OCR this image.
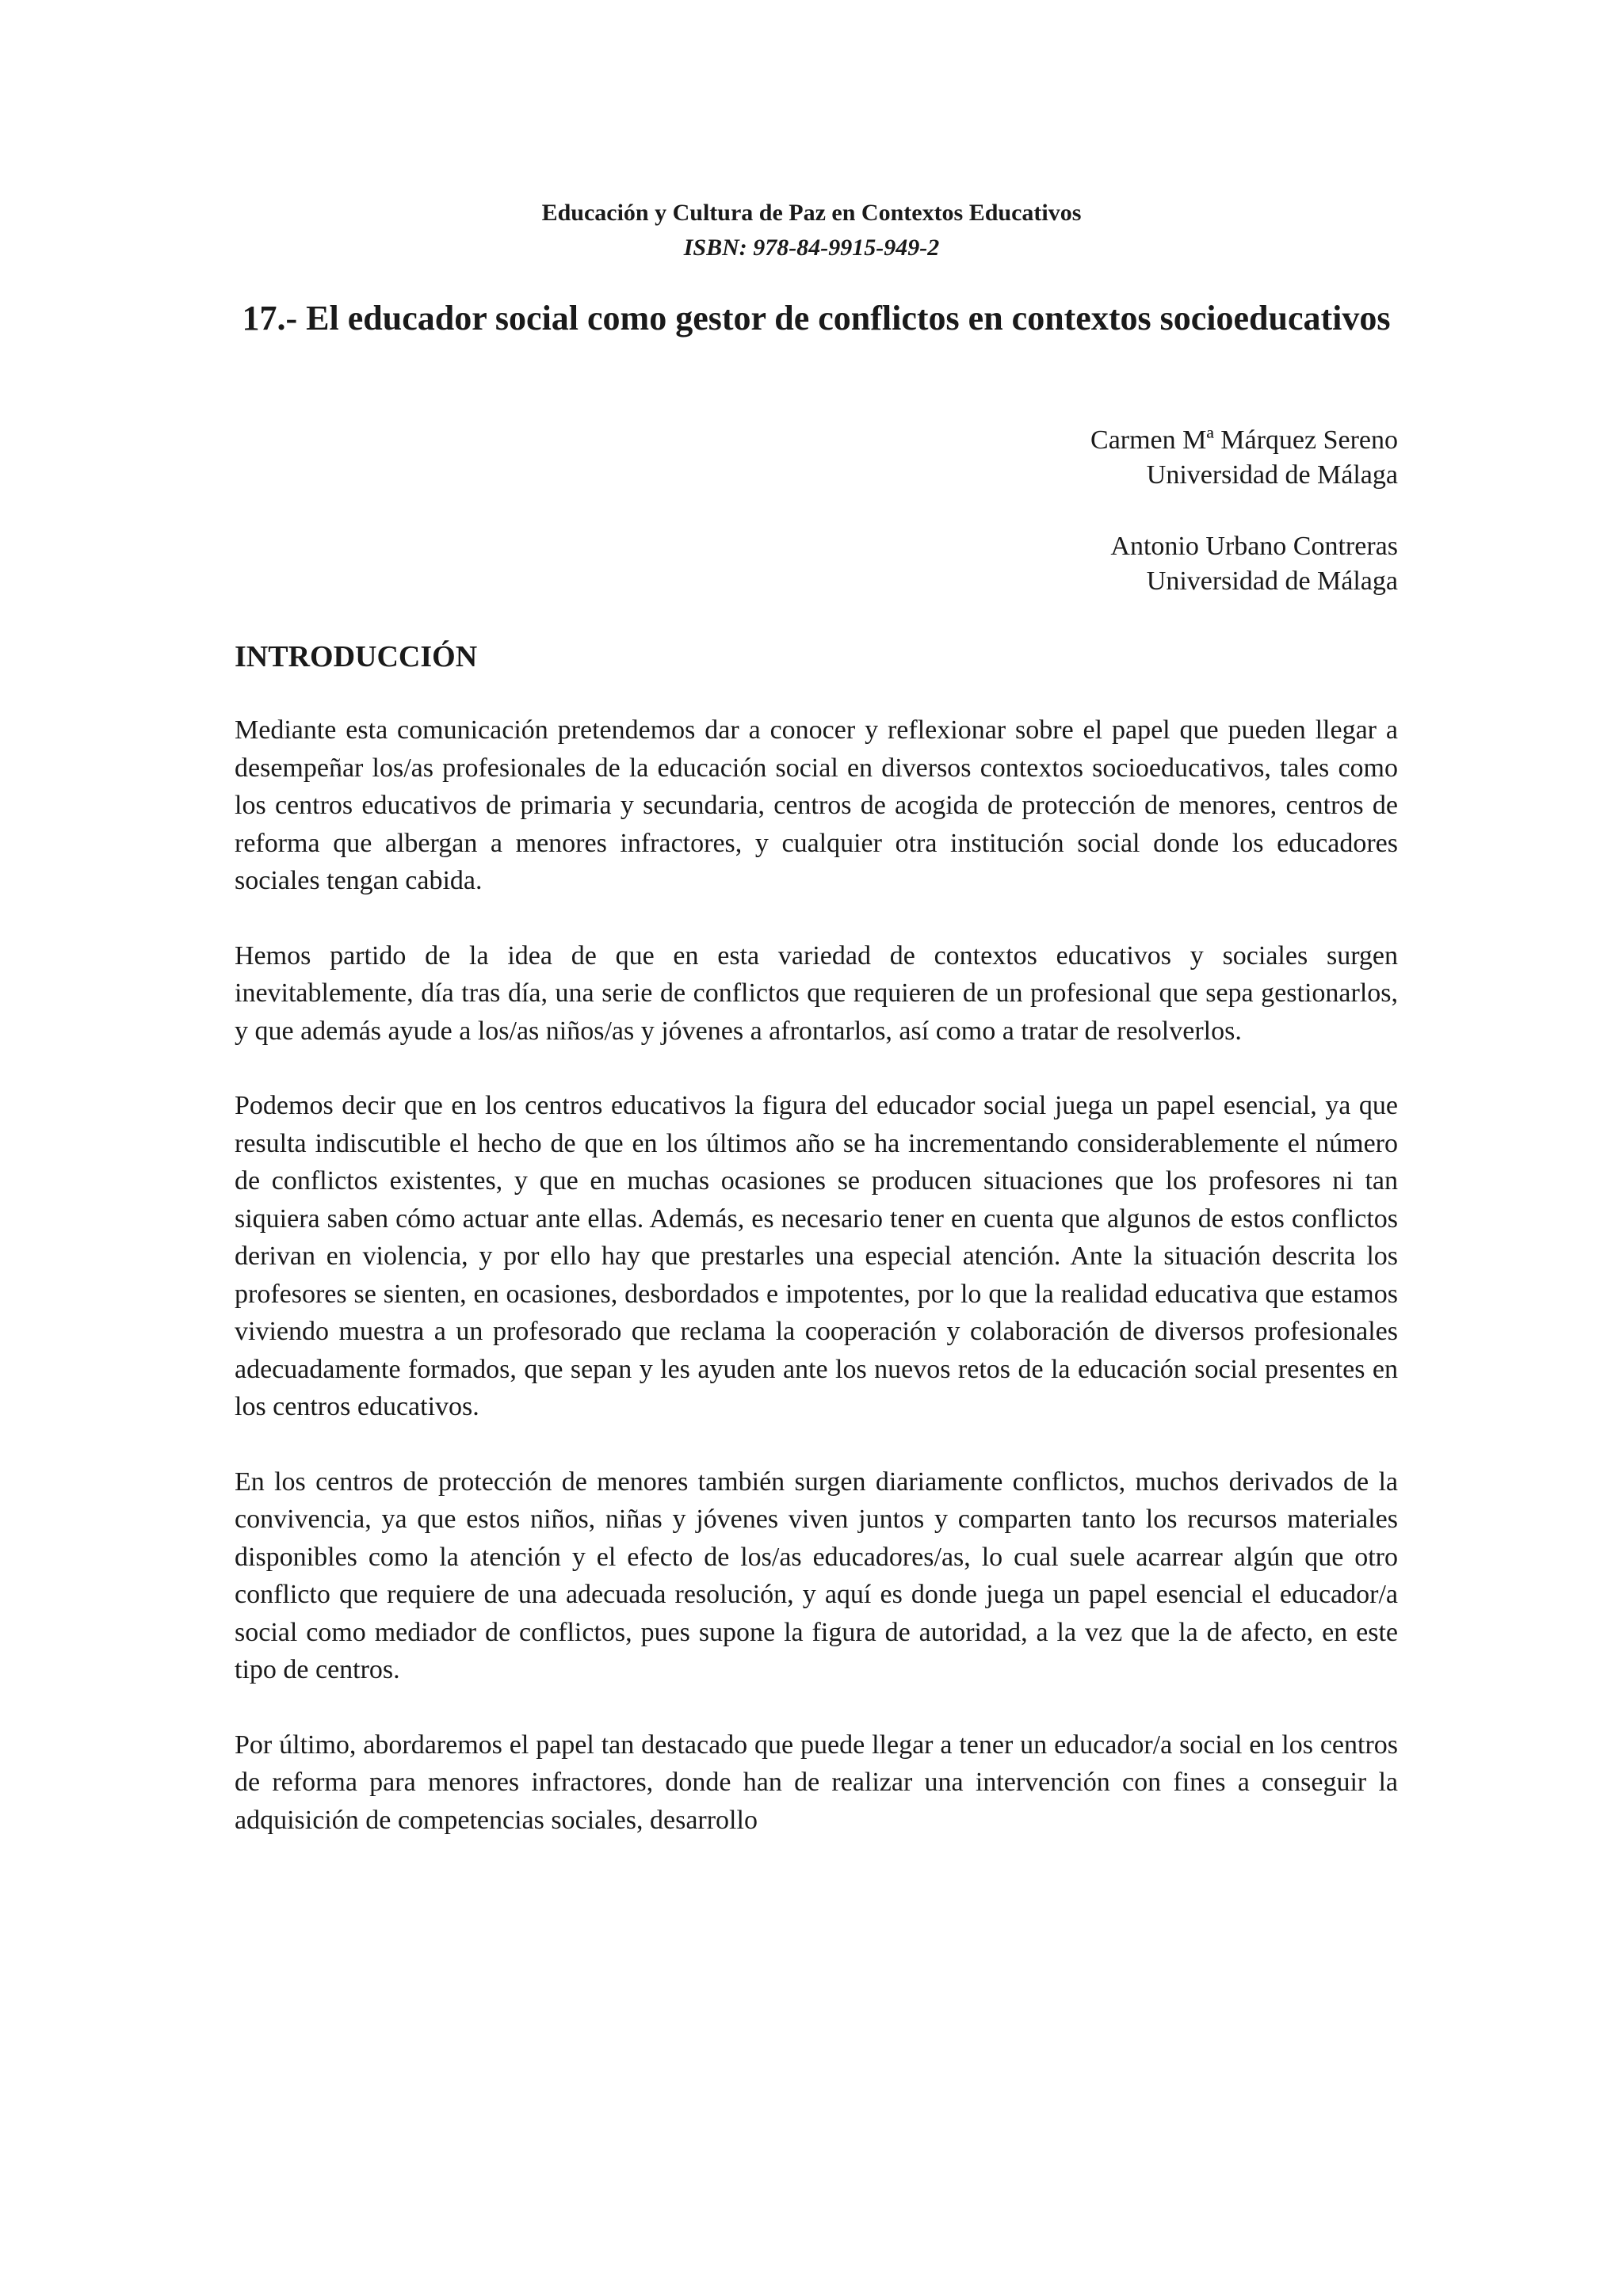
Educación y Cultura de Paz en Contextos Educativos
ISBN: 978-84-9915-949-2
17.- El educador social como gestor de conflictos en contextos socioeducativos
Carmen Mª Márquez Sereno
Universidad de Málaga
Antonio Urbano Contreras
Universidad de Málaga
INTRODUCCIÓN

Mediante esta comunicación pretendemos dar a conocer y reflexionar sobre el papel que pueden llegar a desempeñar los/as profesionales de la educación social en diversos contextos socioeducativos, tales como los centros educativos de primaria y secundaria, centros de acogida de protección de menores, centros de reforma que albergan a menores infractores, y cualquier otra institución social donde los educadores sociales tengan cabida.

Hemos partido de la idea de que en esta variedad de contextos educativos y sociales surgen inevitablemente, día tras día, una serie de conflictos que requieren de un profesional que sepa gestionarlos, y que además ayude a los/as niños/as y jóvenes a afrontarlos, así como a tratar de resolverlos.

Podemos decir que en los centros educativos la figura del educador social juega un papel esencial, ya que resulta indiscutible el hecho de que en los últimos año se ha incrementando considerablemente el número de conflictos existentes, y que en muchas ocasiones se producen situaciones que los profesores ni tan siquiera saben cómo actuar ante ellas. Además, es necesario tener en cuenta que algunos de estos conflictos derivan en violencia, y por ello hay que prestarles una especial atención. Ante la situación descrita los profesores se sienten, en ocasiones, desbordados e impotentes, por lo que la realidad educativa que estamos viviendo muestra a un profesorado que reclama la cooperación y colaboración de diversos profesionales adecuadamente formados, que sepan y les ayuden ante los nuevos retos de la educación social presentes en los centros educativos.

En los centros de protección de menores también surgen diariamente conflictos, muchos derivados de la convivencia, ya que estos niños, niñas y jóvenes viven juntos y comparten tanto los recursos materiales disponibles como la atención y el efecto de los/as educadores/as, lo cual suele acarrear algún que otro conflicto que requiere de una adecuada resolución, y aquí es donde juega un papel esencial el educador/a social como mediador de conflictos, pues supone la figura de autoridad, a la vez que la de afecto, en este tipo de centros.

Por último, abordaremos el papel tan destacado que puede llegar a tener un educador/a social en los centros de reforma para menores infractores, donde han de realizar una intervención con fines a conseguir la adquisición de competencias sociales, desarrollo
